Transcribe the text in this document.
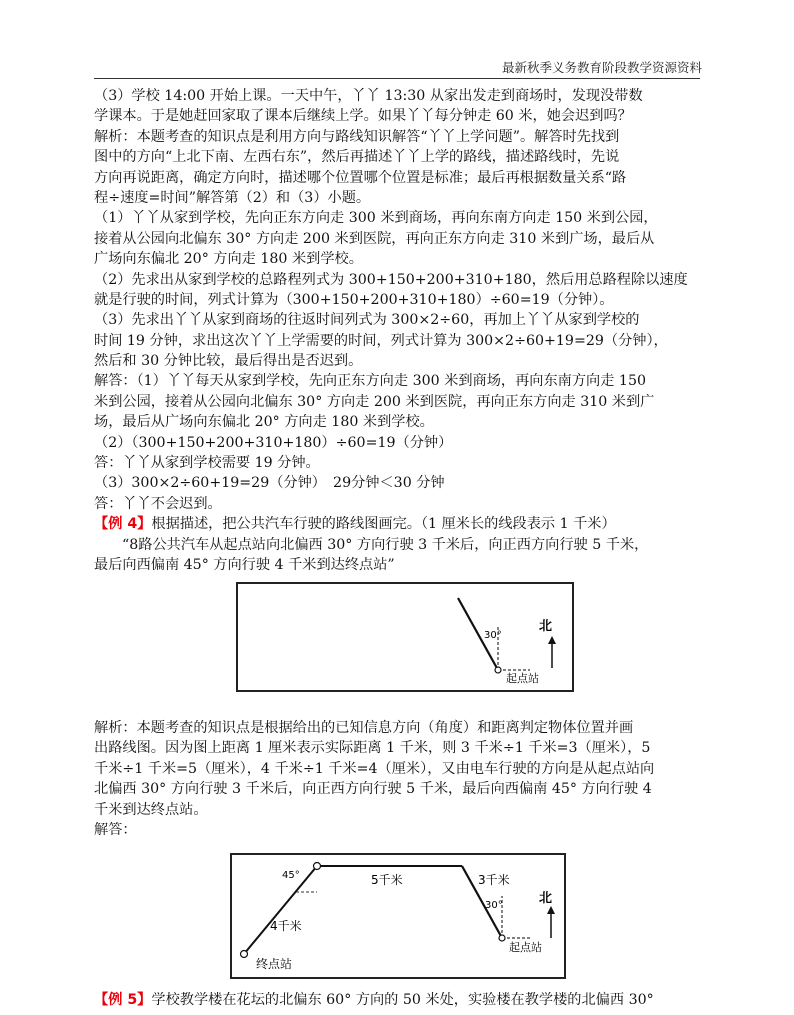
最新秋季义务教育阶段教学资源资料
（3）学校 14:00 开始上课。一天中午，丫丫 13:30 从家出发走到商场时，发现没带数
学课本。于是她赶回家取了课本后继续上学。如果丫丫每分钟走 60 米，她会迟到吗？
解析：本题考查的知识点是利用方向与路线知识解答“丫丫上学问题”。解答时先找到
图中的方向“上北下南、左西右东”，然后再描述丫丫上学的路线，描述路线时，先说
方向再说距离，确定方向时，描述哪个位置哪个位置是标准；最后再根据数量关系“路
程÷速度=时间”解答第（2）和（3）小题。
（1）丫丫从家到学校，先向正东方向走 300 米到商场，再向东南方向走 150 米到公园，
接着从公园向北偏东 30° 方向走 200 米到医院，再向正东方向走 310 米到广场，最后从
广场向东偏北 20° 方向走 180 米到学校。
（2）先求出从家到学校的总路程列式为 300+150+200+310+180，然后用总路程除以速度
就是行驶的时间，列式计算为（300+150+200+310+180）÷60=19（分钟）。
（3）先求出丫丫从家到商场的往返时间列式为 300×2÷60，再加上丫丫从家到学校的
时间 19 分钟，求出这次丫丫上学需要的时间，列式计算为 300×2÷60+19=29（分钟），
然后和 30 分钟比较，最后得出是否迟到。
解答：（1）丫丫每天从家到学校，先向正东方向走 300 米到商场，再向东南方向走 150
米到公园，接着从公园向北偏东 30° 方向走 200 米到医院，再向正东方向走 310 米到广
场，最后从广场向东偏北 20° 方向走 180 米到学校。
（2）（300+150+200+310+180）÷60=19（分钟）
答：丫丫从家到学校需要 19 分钟。
（3）300×2÷60+19=29（分钟）　29分钟＜30 分钟
答：丫丫不会迟到。
【例 4】根据描述，把公共汽车行驶的路线图画完。（1 厘米长的线段表示 1 千米）
“8路公共汽车从起点站向北偏西 30° 方向行驶 3 千米后，向正西方向行驶 5 千米，
最后向西偏南 45° 方向行驶 4 千米到达终点站”
30°
起点站
北
解析：本题考查的知识点是根据给出的已知信息方向（角度）和距离判定物体位置并画
出路线图。因为图上距离 1 厘米表示实际距离 1 千米，则 3 千米÷1 千米=3（厘米），5
千米÷1 千米=5（厘米），4 千米÷1 千米=4（厘米），又由电车行驶的方向是从起点站向
北偏西 30° 方向行驶 3 千米后，向正西方向行驶 5 千米，最后向西偏南 45° 方向行驶 4
千米到达终点站。
解答：
45°	5千米	3千米
30°
4千米
起点站
终点站
北
【例 5】学校教学楼在花坛的北偏东 60° 方向的 50 米处，实验楼在教学楼的北偏西 30°
